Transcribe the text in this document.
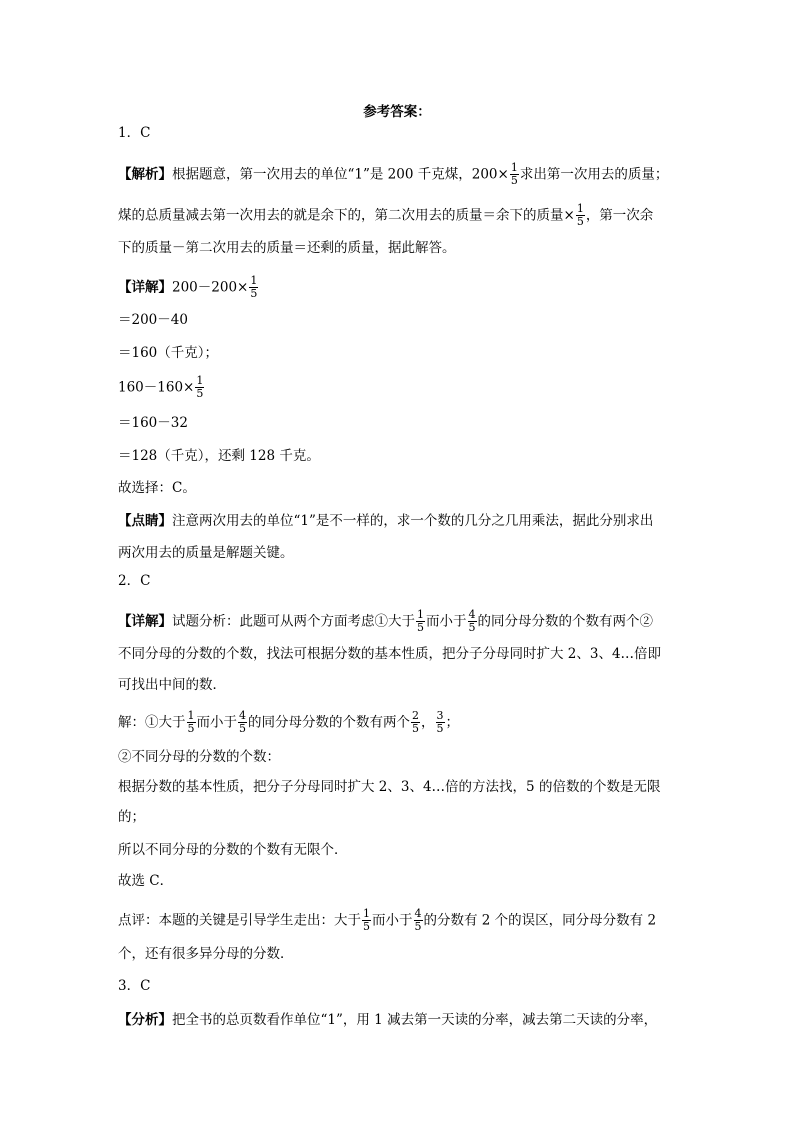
参考答案：
1．C
【解析】根据题意，第一次用去的单位“1”是 200 千克煤，$200\times \frac{1}{5}$ 求出第一次用去的质量；
煤的总质量减去第一次用去的就是余下的，第二次用去的质量＝余下的质量× $\frac{1}{5}$ ，第一次余
下的质量－第二次用去的质量＝还剩的质量，据此解答。
【详解】$200-200\times \frac{1}{5}$
＝200－40
＝160（千克）；
$160-160\times \frac{1}{5}$
＝160－32
＝128（千克），还剩 128 千克。
故选择：C。
【点睛】注意两次用去的单位“1”是不一样的，求一个数的几分之几用乘法，据此分别求出
两次用去的质量是解题关键。
2．C
【详解】试题分析：此题可从两个方面考虑①大于 $\frac{1}{5}$ 而小于 $\frac{4}{5}$ 的同分母分数的个数有两个②
不同分母的分数的个数，找法可根据分数的基本性质，把分子分母同时扩大 2、3、4…倍即
可找出中间的数．
解：①大于 $\frac{1}{5}$ 而小于 $\frac{4}{5}$ 的同分母分数的个数有两个 $\frac{2}{5}$ ， $\frac{3}{5}$ ；
②不同分母的分数的个数：
根据分数的基本性质，把分子分母同时扩大 2、3、4…倍的方法找，5 的倍数的个数是无限
的；
所以不同分母的分数的个数有无限个．
故选 C．
点评：本题的关键是引导学生走出：大于 $\frac{1}{5}$ 而小于 $\frac{4}{5}$ 的分数有 2 个的误区，同分母分数有 2
个，还有很多异分母的分数．
3．C
【分析】把全书的总页数看作单位“1”，用 1 减去第一天读的分率，减去第二天读的分率，
